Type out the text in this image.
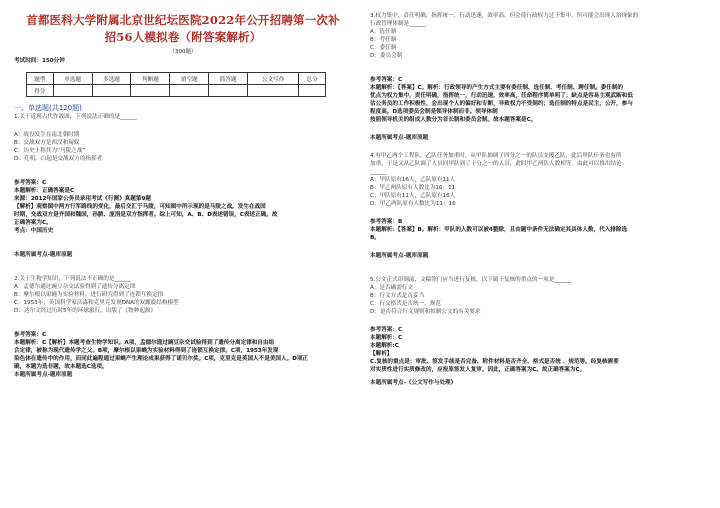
首都医科大学附属北京世纪坛医院2022年公开招聘第一次补
招56人模拟卷（附答案解析）
（300题）
考试时间：150分钟
题型	单选题	多选题	判断题	填空题	简答题	公文写作	总分
得分							
一、单选题(共120题)
1.关于近现古代作战图，下列说法正确的是______
A：战役发生在南北朝时期
B：交战双方是西汉和匈奴
C：历史上称其为“马陵之战”
D：孔明、白起是交战双方的指挥者
参考答案：C
本题解析：正确答案是C
来源：2012年国家公务员录用考试《行测》真题第9题
【解析】观察图中两方行军路线的变化，最后交汇于马陵，可知图中所示现的是马陵之战。发生在战国
时期，交战双方是齐国和魏国，孙膑、庞涓是双方指挥者。综上可知，A、B、D表述错误，C表述正确。故
正确答案为C。
考点：中国历史
本题所属考点-题库原题
2.关于生物学知识，下列说法不正确的是______
A：孟德尔通过豌豆杂交试验得到了遗传分离定律
B：摩尔根以果蝇为实验材料，进行研究得到了连锁互换定律
C：1953年，英国科学家沃森和克里克发现DNA的双螺旋结构模型
D：达尔文经过历时5年的环球旅行，出版了《物种起源》
参考答案：C
本题解析：C【解析】本题考查生物学知识。A项，孟德尔通过豌豆杂交试验得到了遗传分离定律和自由组
合定律，被称为现代遗传学之父。B项，摩尔根以果蝇为实验材料得到了连锁互换定律。C项，1953年发现
染色体在遗传中的作用，而同此遍程通过果蝇产生理论成果获得了诺贝尔奖。C项，克里克是英国人不是美国人。D项正
确，本题为选非题，故本题选C选项。
本题所属考点-题库原题
3.权力集中、责任明确、指挥统一、行动迅速，效率高，但会使行政权力过于集中，但可能会出现人治现象的
行政管理体制是______
A：选任制
B：考任制
C：委任制
D：委员会制
参考答案：C
本题解析：【答案】C。解析：行政领导的产生方式主要有委任制、选任制、考任制、聘任制。委任制的
优点为权力集中，责任明确，指挥统一，行动迅速，效率高，任命程序简单明了；缺点是容易主观武断和低
估公务员的工作积极性，会出现个人的偏好和专断，导致权力不受制约；选任制的特点是民主，公开，参与
程度高。D选项委员会制是领导体制而非。领导体制
按照领导机关的组成人数分为首长制和委员会制。故本题答案是C。
本题所属考点-题库原题
4.有甲乙两个工程队，乙队任务加重时，从甲队抽调了四分之一的队员支援乙队，此后甲队任务也有所
加重，于是又从乙队调了人员回甲队到了十分之一的人员，此时甲乙两队人数相等。由此可以推出结论：
______
A：甲队原有16人，乙队原有11人
B：甲乙两队原有人数比为16：11
C：甲队原有11人，乙队原有16人
D：甲乙两队原有人数比为11：16
参考答案：B
本题解析：【答案】B。解析：甲队的人数可以被4整除，且由题中条件无法确定其具体人数，代入排除选
B。
本题所属考点-题库原题
5.公文正式印制前，文稿签门应当进行复核，以下属于复核的重点的一项是______
A：是否确需行文
B：行文方式是否妥当
C：行文格式是否统一、规范
D：是否符合行文规则和拟制公文的有关要求
参考答案：C
本题解析：C
本题解析:C
【解析】
C.复核的重点是：审批、签发手续是否完备、附件材料是否齐全、格式是否统 、规范等。经复核需要
对实质性进行实质修改的，应报原签发人复审。因此，正确答案为C。故正确答案为C。
本题所属考点-《公文写作与处理》
